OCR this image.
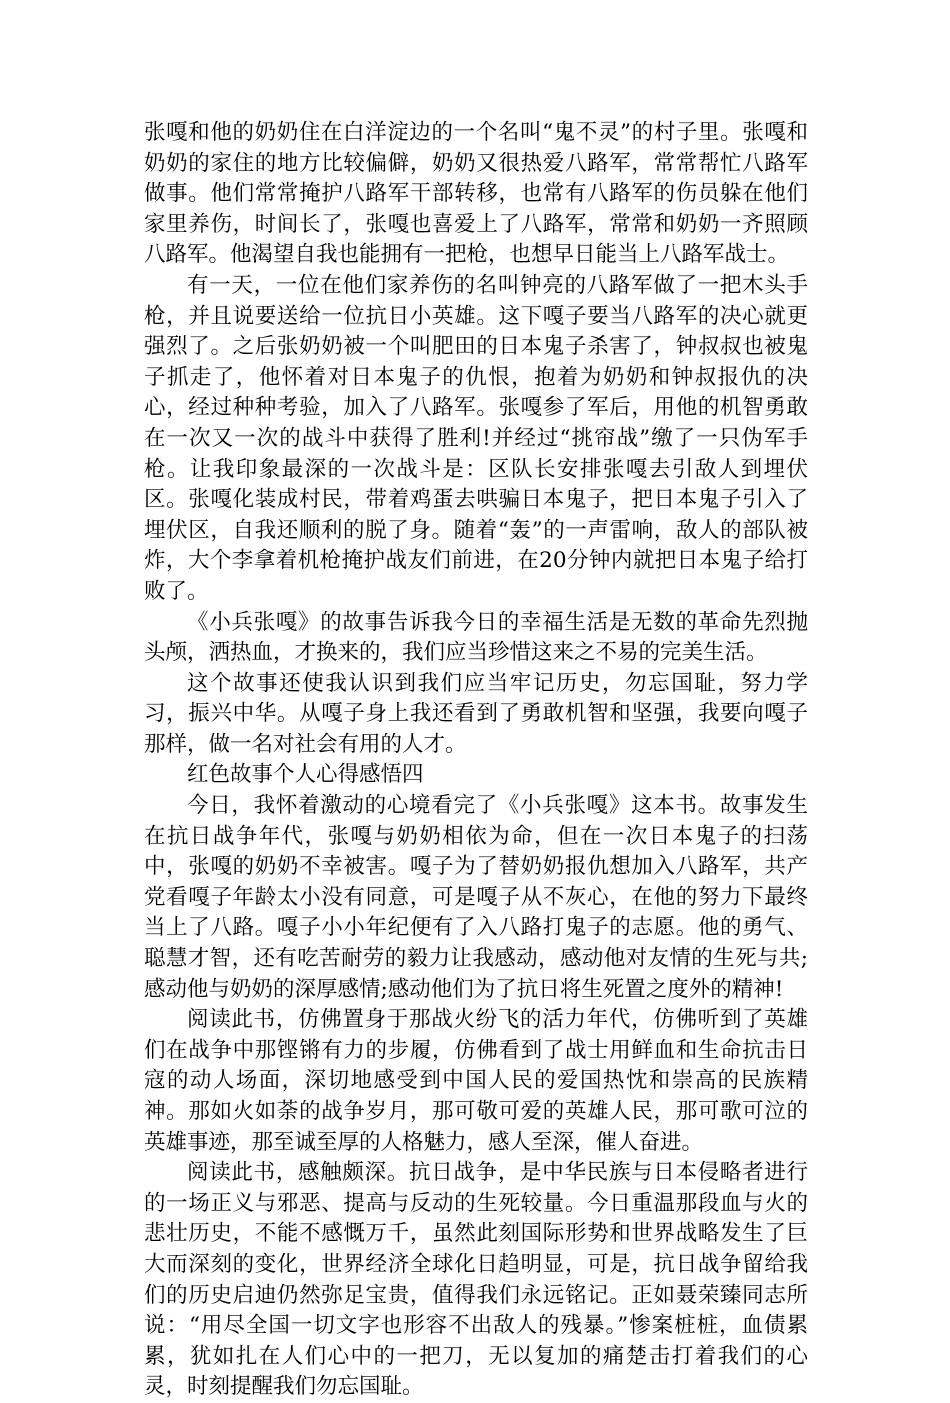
张嘎和他的奶奶住在白洋淀边的一个名叫“鬼不灵”的村子里。张嘎和奶奶的家住的地方比较偏僻，奶奶又很热爱八路军，常常帮忙八路军做事。他们常常掩护八路军干部转移，也常有八路军的伤员躲在他们家里养伤，时间长了，张嘎也喜爱上了八路军，常常和奶奶一齐照顾八路军。他渴望自我也能拥有一把枪，也想早日能当上八路军战士。

有一天，一位在他们家养伤的名叫钟亮的八路军做了一把木头手枪，并且说要送给一位抗日小英雄。这下嘎子要当八路军的决心就更强烈了。之后张奶奶被一个叫肥田的日本鬼子杀害了，钟叔叔也被鬼子抓走了，他怀着对日本鬼子的仇恨，抱着为奶奶和钟叔报仇的决心，经过种种考验，加入了八路军。张嘎参了军后，用他的机智勇敢在一次又一次的战斗中获得了胜利!并经过“挑帘战”缴了一只伪军手枪。让我印象最深的一次战斗是：区队长安排张嘎去引敌人到埋伏区。张嘎化装成村民，带着鸡蛋去哄骗日本鬼子，把日本鬼子引入了埋伏区，自我还顺利的脱了身。随着“轰”的一声雷响，敌人的部队被炸，大个李拿着机枪掩护战友们前进，在20分钟内就把日本鬼子给打败了。

《小兵张嘎》的故事告诉我今日的幸福生活是无数的革命先烈抛头颅，洒热血，才换来的，我们应当珍惜这来之不易的完美生活。

这个故事还使我认识到我们应当牢记历史，勿忘国耻，努力学习，振兴中华。从嘎子身上我还看到了勇敢机智和坚强，我要向嘎子那样，做一名对社会有用的人才。

红色故事个人心得感悟四

今日，我怀着激动的心境看完了《小兵张嘎》这本书。故事发生在抗日战争年代，张嘎与奶奶相依为命，但在一次日本鬼子的扫荡中，张嘎的奶奶不幸被害。嘎子为了替奶奶报仇想加入八路军，共产党看嘎子年龄太小没有同意，可是嘎子从不灰心，在他的努力下最终当上了八路。嘎子小小年纪便有了入八路打鬼子的志愿。他的勇气、聪慧才智，还有吃苦耐劳的毅力让我感动，感动他对友情的生死与共;感动他与奶奶的深厚感情;感动他们为了抗日将生死置之度外的精神!

阅读此书，仿佛置身于那战火纷飞的活力年代，仿佛听到了英雄们在战争中那铿锵有力的步履，仿佛看到了战士用鲜血和生命抗击日寇的动人场面，深切地感受到中国人民的爱国热忱和崇高的民族精神。那如火如荼的战争岁月，那可敬可爱的英雄人民，那可歌可泣的英雄事迹，那至诚至厚的人格魅力，感人至深，催人奋进。

阅读此书，感触颇深。抗日战争，是中华民族与日本侵略者进行的一场正义与邪恶、提高与反动的生死较量。今日重温那段血与火的悲壮历史，不能不感慨万千，虽然此刻国际形势和世界战略发生了巨大而深刻的变化，世界经济全球化日趋明显，可是，抗日战争留给我们的历史启迪仍然弥足宝贵，值得我们永远铭记。正如聂荣臻同志所说：“用尽全国一切文字也形容不出敌人的残暴。”惨案桩桩，血债累累，犹如扎在人们心中的一把刀，无以复加的痛楚击打着我们的心灵，时刻提醒我们勿忘国耻。
